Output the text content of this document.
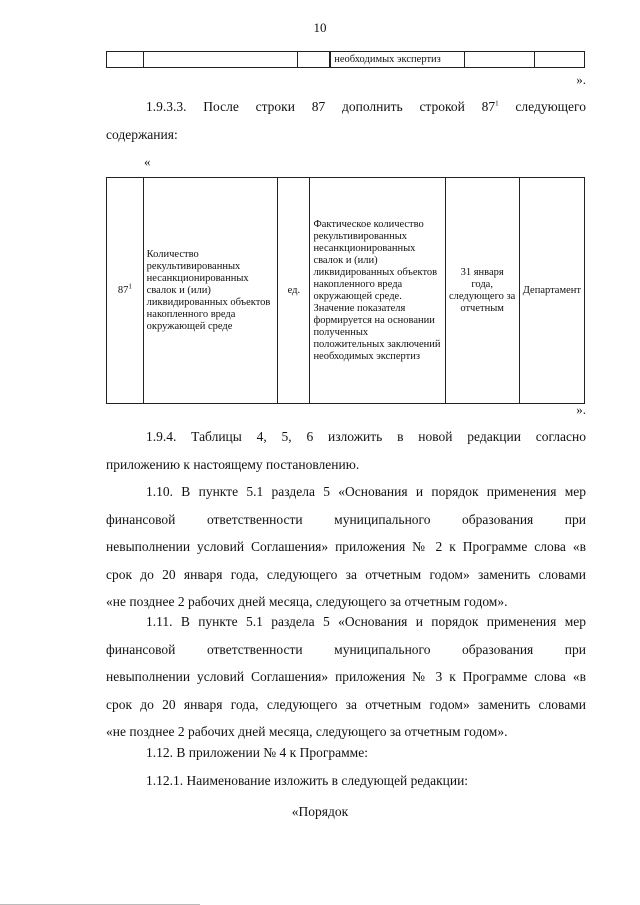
10
				необходимых экспертиз		
».
1.9.3.3. После строки 87 дополнить строкой $87^1$ следующего
содержания:
«
$87^1$	Количество рекультивированных несанкционированных свалок и (или) ликвидированных объектов накопленного вреда окружающей среде	ед.	Фактическое количество рекультивированных несанкционированных свалок и (или) ликвидированных объектов накопленного вреда окружающей среде. Значение показателя формируется на основании полученных положительных заключений необходимых экспертиз	31 января года, следующего за отчетным	Департамент
».
1.9.4. Таблицы 4, 5, 6 изложить в новой редакции согласно
приложению к настоящему постановлению.
1.10. В пункте 5.1 раздела 5 «Основания и порядок применения мер
финансовой ответственности муниципального образования при
невыполнении условий Соглашения» приложения № 2 к Программе слова «в
срок до 20 января года, следующего за отчетным годом» заменить словами
«не позднее 2 рабочих дней месяца, следующего за отчетным годом».
1.11. В пункте 5.1 раздела 5 «Основания и порядок применения мер
финансовой ответственности муниципального образования при
невыполнении условий Соглашения» приложения № 3 к Программе слова «в
срок до 20 января года, следующего за отчетным годом» заменить словами
«не позднее 2 рабочих дней месяца, следующего за отчетным годом».
1.12. В приложении № 4 к Программе:
1.12.1. Наименование изложить в следующей редакции:
«Порядок
